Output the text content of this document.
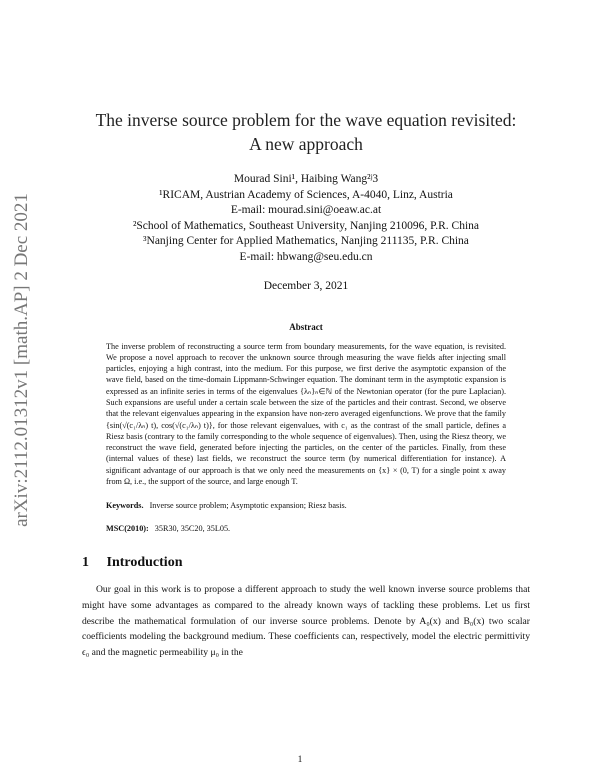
arXiv:2112.01312v1 [math.AP] 2 Dec 2021
The inverse source problem for the wave equation revisited:
A new approach
Mourad Sini¹, Haibing Wang²ʲ3
¹RICAM, Austrian Academy of Sciences, A-4040, Linz, Austria
E-mail: mourad.sini@oeaw.ac.at
²School of Mathematics, Southeast University, Nanjing 210096, P.R. China
³Nanjing Center for Applied Mathematics, Nanjing 211135, P.R. China
E-mail: hbwang@seu.edu.cn
December 3, 2021
Abstract
The inverse problem of reconstructing a source term from boundary measurements, for the wave equation, is revisited. We propose a novel approach to recover the unknown source through measuring the wave fields after injecting small particles, enjoying a high contrast, into the medium. For this purpose, we first derive the asymptotic expansion of the wave field, based on the time-domain Lippmann-Schwinger equation. The dominant term in the asymptotic expansion is expressed as an infinite series in terms of the eigenvalues {λₙ}ₙ∈ℕ of the Newtonian operator (for the pure Laplacian). Such expansions are useful under a certain scale between the size of the particles and their contrast. Second, we observe that the relevant eigenvalues appearing in the expansion have non-zero averaged eigenfunctions. We prove that the family {sin(√(c₁/λₙ) t), cos(√(c₁/λₙ) t)}, for those relevant eigenvalues, with c₁ as the contrast of the small particle, defines a Riesz basis (contrary to the family corresponding to the whole sequence of eigenvalues). Then, using the Riesz theory, we reconstruct the wave field, generated before injecting the particles, on the center of the particles. Finally, from these (internal values of these) last fields, we reconstruct the source term (by numerical differentiation for instance). A significant advantage of our approach is that we only need the measurements on {x} × (0, T) for a single point x away from Ω, i.e., the support of the source, and large enough T.
Keywords. Inverse source problem; Asymptotic expansion; Riesz basis.
MSC(2010): 35R30, 35C20, 35L05.
1 Introduction
Our goal in this work is to propose a different approach to study the well known inverse source problems that might have some advantages as compared to the already known ways of tackling these problems. Let us first describe the mathematical formulation of our inverse source problems. Denote by A₀(x) and B₀(x) two scalar coefficients modeling the background medium. These coefficients can, respectively, model the electric permittivity ϵ₀ and the magnetic permeability μ₀ in the
1
